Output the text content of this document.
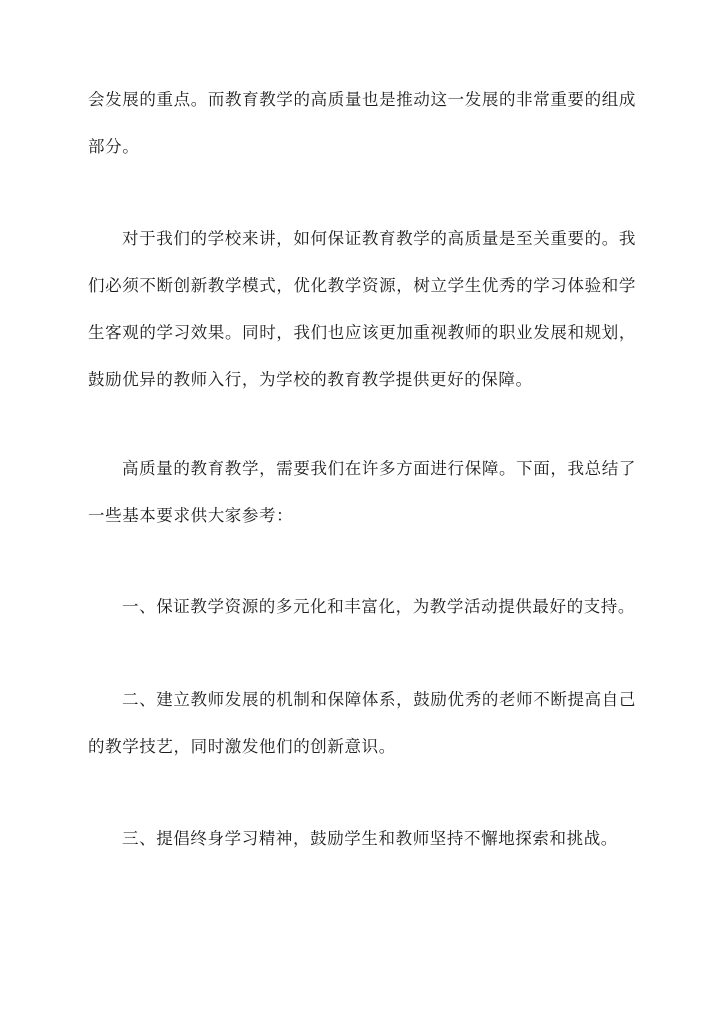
会发展的重点。而教育教学的高质量也是推动这一发展的非常重要的组成部分。

对于我们的学校来讲，如何保证教育教学的高质量是至关重要的。我们必须不断创新教学模式，优化教学资源，树立学生优秀的学习体验和学生客观的学习效果。同时，我们也应该更加重视教师的职业发展和规划，鼓励优异的教师入行，为学校的教育教学提供更好的保障。

高质量的教育教学，需要我们在许多方面进行保障。下面，我总结了一些基本要求供大家参考：

一、保证教学资源的多元化和丰富化，为教学活动提供最好的支持。

二、建立教师发展的机制和保障体系，鼓励优秀的老师不断提高自己的教学技艺，同时激发他们的创新意识。

三、提倡终身学习精神，鼓励学生和教师坚持不懈地探索和挑战。
